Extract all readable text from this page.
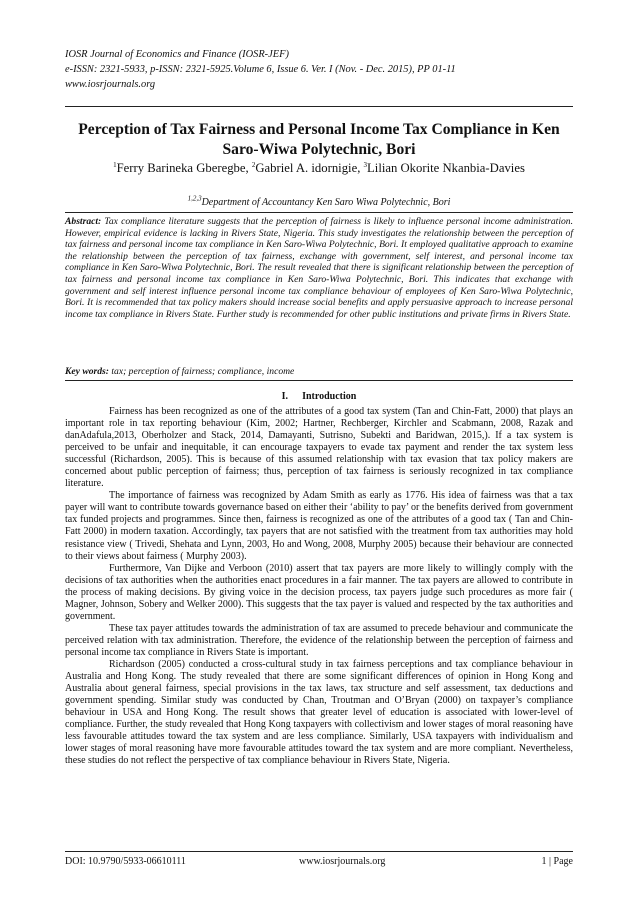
IOSR Journal of Economics and Finance (IOSR-JEF)
e-ISSN: 2321-5933, p-ISSN: 2321-5925.Volume 6, Issue 6. Ver. I (Nov. - Dec. 2015), PP 01-11
www.iosrjournals.org
Perception of Tax Fairness and Personal Income Tax Compliance in Ken Saro-Wiwa Polytechnic, Bori
$^1$Ferry Barineka Gberegbe, $^2$Gabriel A. idornigie, $^3$Lilian Okorite Nkanbia-Davies
$^{1,2,3}$Department of Accountancy Ken Saro Wiwa Polytechnic, Bori
Abstract: Tax compliance literature suggests that the perception of fairness is likely to influence personal income administration. However, empirical evidence is lacking in Rivers State, Nigeria. This study investigates the relationship between the perception of tax fairness and personal income tax compliance in Ken Saro-Wiwa Polytechnic, Bori. It employed qualitative approach to examine the relationship between the perception of tax fairness, exchange with government, self interest, and personal income tax compliance in Ken Saro-Wiwa Polytechnic, Bori. The result revealed that there is significant relationship between the perception of tax fairness and personal income tax compliance in Ken Saro-Wiwa Polytechnic, Bori. This indicates that exchange with government and self interest influence personal income tax compliance behaviour of employees of Ken Saro-Wiwa Polytechnic, Bori. It is recommended that tax policy makers should increase social benefits and apply persuasive approach to increase personal income tax compliance in Rivers State. Further study is recommended for other public institutions and private firms in Rivers State.
Key words: tax; perception of fairness; compliance, income
I. Introduction

Fairness has been recognized as one of the attributes of a good tax system (Tan and Chin-Fatt, 2000) that plays an important role in tax reporting behaviour (Kim, 2002; Hartner, Rechberger, Kirchler and Scabmann, 2008, Razak and danAdafula,2013, Oberholzer and Stack, 2014, Damayanti, Sutrisno, Subekti and Baridwan, 2015,). If a tax system is perceived to be unfair and inequitable, it can encourage taxpayers to evade tax payment and render the tax system less successful (Richardson, 2005). This is because of this assumed relationship with tax evasion that tax policy makers are concerned about public perception of fairness; thus, perception of tax fairness is seriously recognized in tax compliance literature.

The importance of fairness was recognized by Adam Smith as early as 1776. His idea of fairness was that a tax payer will want to contribute towards governance based on either their ‘ability to pay’ or the benefits derived from government tax funded projects and programmes. Since then, fairness is recognized as one of the attributes of a good tax ( Tan and Chin-Fatt 2000) in modern taxation. Accordingly, tax payers that are not satisfied with the treatment from tax authorities may hold resistance view ( Trivedi, Shehata and Lynn, 2003, Ho and Wong, 2008, Murphy 2005) because their behaviour are connected to their views about fairness ( Murphy 2003).

Furthermore, Van Dijke and Verboon (2010) assert that tax payers are more likely to willingly comply with the decisions of tax authorities when the authorities enact procedures in a fair manner. The tax payers are allowed to contribute in the process of making decisions. By giving voice in the decision process, tax payers judge such procedures as more fair ( Magner, Johnson, Sobery and Welker 2000). This suggests that the tax payer is valued and respected by the tax authorities and government.

These tax payer attitudes towards the administration of tax are assumed to precede behaviour and communicate the perceived relation with tax administration. Therefore, the evidence of the relationship between the perception of fairness and personal income tax compliance in Rivers State is important.

Richardson (2005) conducted a cross-cultural study in tax fairness perceptions and tax compliance behaviour in Australia and Hong Kong. The study revealed that there are some significant differences of opinion in Hong Kong and Australia about general fairness, special provisions in the tax laws, tax structure and self assessment, tax deductions and government spending. Similar study was conducted by Chan, Troutman and O’Bryan (2000) on taxpayer’s compliance behaviour in USA and Hong Kong. The result shows that greater level of education is associated with lower-level of compliance. Further, the study revealed that Hong Kong taxpayers with collectivism and lower stages of moral reasoning have less favourable attitudes toward the tax system and are less compliance. Similarly, USA taxpayers with individualism and lower stages of moral reasoning have more favourable attitudes toward the tax system and are more compliant. Nevertheless, these studies do not reflect the perspective of tax compliance behaviour in Rivers State, Nigeria.

DOI: 10.9790/5933-06610111	www.iosrjournals.org	1 | Page
